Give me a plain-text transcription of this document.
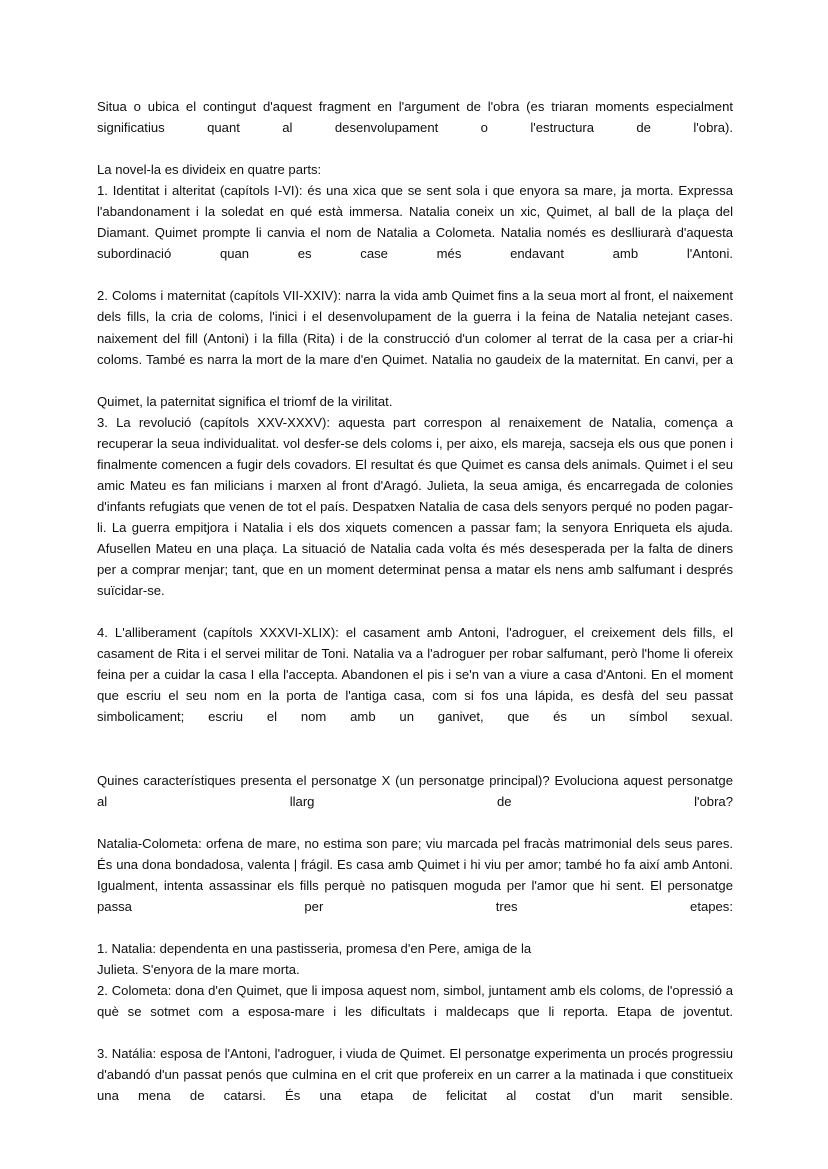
Situa o ubica el contingut d'aquest fragment en l'argument de l'obra (es triaran moments especialment significatius quant al desenvolupament o l'estructura de l'obra).

La novel-la es divideix en quatre parts:

1. Identitat i alteritat (capítols I-VI): és una xica que se sent sola i que enyora sa mare, ja morta. Expressa l'abandonament i la soledat en qué està immersa. Natalia coneix un xic, Quimet, al ball de la plaça del Diamant. Quimet prompte li canvia el nom de Natalia a Colometa. Natalia només es deslliurarà d'aquesta subordinació quan es case més endavant amb l'Antoni.

2. Coloms i maternitat (capítols VII-XXIV): narra la vida amb Quimet fins a la seua mort al front, el naixement dels fills, la cria de coloms, l'inici i el desenvolupament de la guerra i la feina de Natalia netejant cases. naixement del fill (Antoni) i la filla (Rita) i de la construcció d'un colomer al terrat de la casa per a criar-hi coloms. També es narra la mort de la mare d'en Quimet. Natalia no gaudeix de la maternitat. En canvi, per a

Quimet, la paternitat significa el triomf de la virilitat.

3. La revolució (capítols XXV-XXXV): aquesta part correspon al renaixement de Natalia, comença a recuperar la seua individualitat. vol desfer-se dels coloms i, per aixo, els mareja, sacseja els ous que ponen i finalmente comencen a fugir dels covadors. El resultat és que Quimet es cansa dels animals. Quimet i el seu amic Mateu es fan milicians i marxen al front d'Aragó. Julieta, la seua amiga, és encarregada de colonies d'infants refugiats que venen de tot el país. Despatxen Natalia de casa dels senyors perqué no poden pagar-li. La guerra empitjora i Natalia i els dos xiquets comencen a passar fam; la senyora Enriqueta els ajuda. Afusellen Mateu en una plaça. La situació de Natalia cada volta és més desesperada per la falta de diners per a comprar menjar; tant, que en un moment determinat pensa a matar els nens amb salfumant i després suïcidar-se.

4. L'alliberament (capítols XXXVI-XLIX): el casament amb Antoni, l'adroguer, el creixement dels fills, el casament de Rita i el servei militar de Toni. Natalia va a l'adroguer per robar salfumant, però l'home li ofereix feina per a cuidar la casa I ella l'accepta. Abandonen el pis i se'n van a viure a casa d'Antoni. En el moment que escriu el seu nom en la porta de l'antiga casa, com si fos una lápida, es desfà del seu passat simbolicament; escriu el nom amb un ganivet, que és un símbol sexual.

Quines característiques presenta el personatge X (un personatge principal)? Evoluciona aquest personatge al llarg de l'obra?

Natalia-Colometa: orfena de mare, no estima son pare; viu marcada pel fracàs matrimonial dels seus pares. És una dona bondadosa, valenta | frágil. Es casa amb Quimet i hi viu per amor; també ho fa així amb Antoni. Igualment, intenta assassinar els fills perquè no patisquen moguda per l'amor que hi sent. El personatge passa per tres etapes:

1. Natalia: dependenta en una pastisseria, promesa d'en Pere, amiga de la

Julieta. S'enyora de la mare morta.

2. Colometa: dona d'en Quimet, que li imposa aquest nom, simbol, juntament amb els coloms, de l'opressió a què se sotmet com a esposa-mare i les dificultats i maldecaps que li reporta. Etapa de joventut.

3. Natália: esposa de l'Antoni, l'adroguer, i viuda de Quimet. El personatge experimenta un procés progressiu d'abandó d'un passat penós que culmina en el crit que profereix en un carrer a la matinada i que constitueix una mena de catarsi. És una etapa de felicitat al costat d'un marit sensible.
